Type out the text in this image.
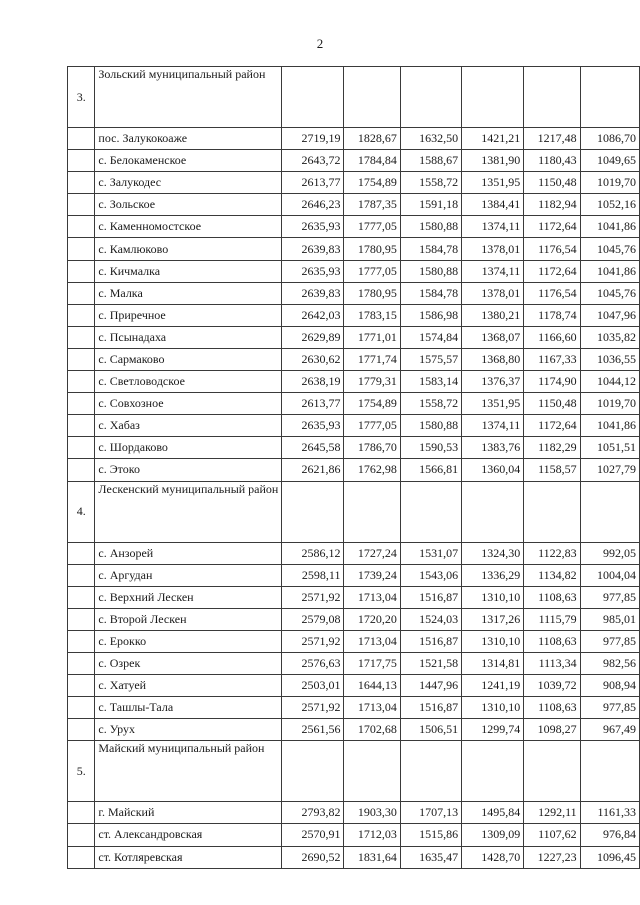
2
3.	Зольский муниципальный район						
	пос. Залукокоаже	2719,19	1828,67	1632,50	1421,21	1217,48	1086,70
	с. Белокаменское	2643,72	1784,84	1588,67	1381,90	1180,43	1049,65
	с. Залукодес	2613,77	1754,89	1558,72	1351,95	1150,48	1019,70
	с. Зольское	2646,23	1787,35	1591,18	1384,41	1182,94	1052,16
	с. Каменномостское	2635,93	1777,05	1580,88	1374,11	1172,64	1041,86
	с. Камлюково	2639,83	1780,95	1584,78	1378,01	1176,54	1045,76
	с. Кичмалка	2635,93	1777,05	1580,88	1374,11	1172,64	1041,86
	с. Малка	2639,83	1780,95	1584,78	1378,01	1176,54	1045,76
	с. Приречное	2642,03	1783,15	1586,98	1380,21	1178,74	1047,96
	с. Псынадаха	2629,89	1771,01	1574,84	1368,07	1166,60	1035,82
	с. Сармаково	2630,62	1771,74	1575,57	1368,80	1167,33	1036,55
	с. Светловодское	2638,19	1779,31	1583,14	1376,37	1174,90	1044,12
	с. Совхозное	2613,77	1754,89	1558,72	1351,95	1150,48	1019,70
	с. Хабаз	2635,93	1777,05	1580,88	1374,11	1172,64	1041,86
	с. Шордаково	2645,58	1786,70	1590,53	1383,76	1182,29	1051,51
	с. Этоко	2621,86	1762,98	1566,81	1360,04	1158,57	1027,79
4.	Лескенский муниципальный район						
	с. Анзорей	2586,12	1727,24	1531,07	1324,30	1122,83	992,05
	с. Аргудан	2598,11	1739,24	1543,06	1336,29	1134,82	1004,04
	с. Верхний Лескен	2571,92	1713,04	1516,87	1310,10	1108,63	977,85
	с. Второй Лескен	2579,08	1720,20	1524,03	1317,26	1115,79	985,01
	с. Ерокко	2571,92	1713,04	1516,87	1310,10	1108,63	977,85
	с. Озрек	2576,63	1717,75	1521,58	1314,81	1113,34	982,56
	с. Хатуей	2503,01	1644,13	1447,96	1241,19	1039,72	908,94
	с. Ташлы-Тала	2571,92	1713,04	1516,87	1310,10	1108,63	977,85
	с. Урух	2561,56	1702,68	1506,51	1299,74	1098,27	967,49
5.	Майский муниципальный район						
	г. Майский	2793,82	1903,30	1707,13	1495,84	1292,11	1161,33
	ст. Александровская	2570,91	1712,03	1515,86	1309,09	1107,62	976,84
	ст. Котляревская	2690,52	1831,64	1635,47	1428,70	1227,23	1096,45
